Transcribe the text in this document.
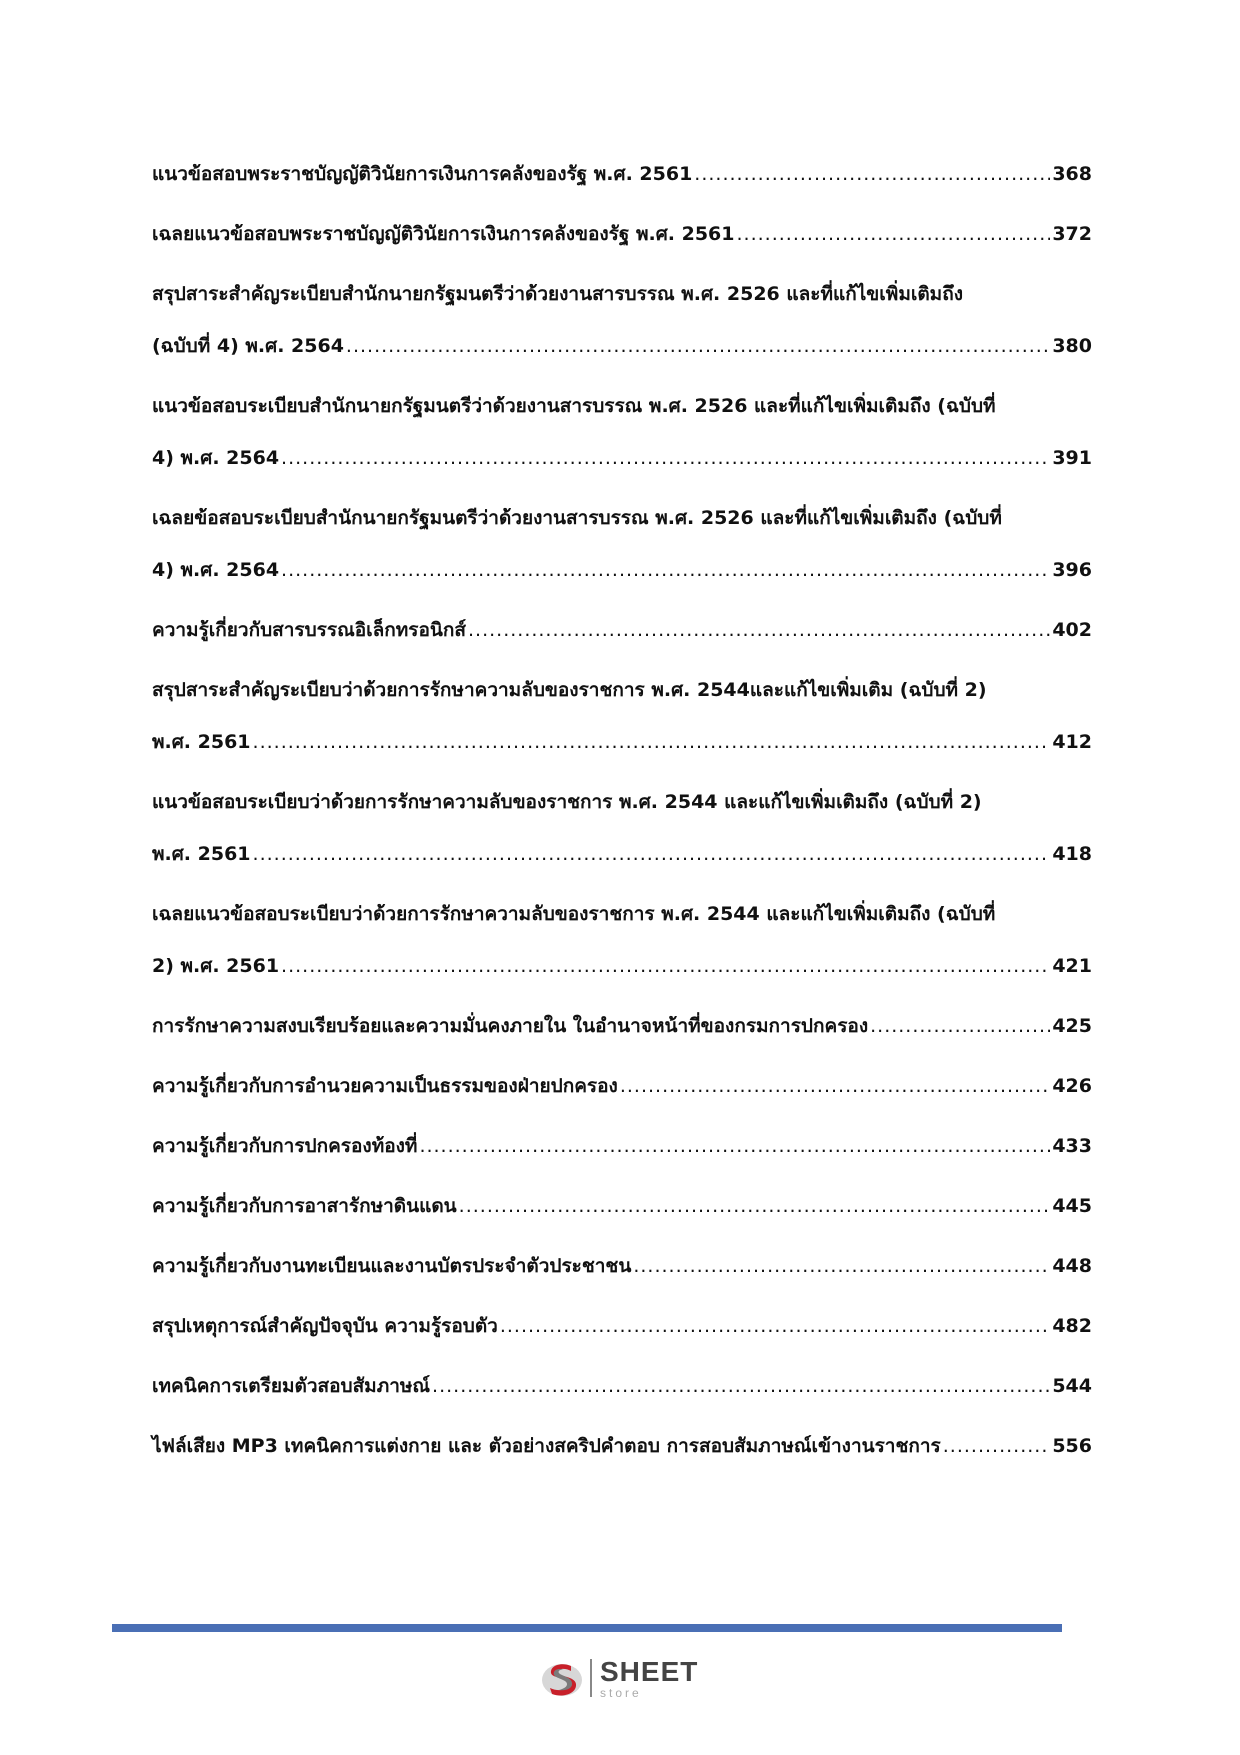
แนวข้อสอบพระราชบัญญัติวินัยการเงินการคลังของรัฐ พ.ศ. 2561 .....	368
เฉลยแนวข้อสอบพระราชบัญญัติวินัยการเงินการคลังของรัฐ พ.ศ. 2561 .....	372
สรุปสาระสำคัญระเบียบสำนักนายกรัฐมนตรีว่าด้วยงานสารบรรณ พ.ศ. 2526 และที่แก้ไขเพิ่มเติมถึง
(ฉบับที่ 4) พ.ศ. 2564 .....	380
แนวข้อสอบระเบียบสำนักนายกรัฐมนตรีว่าด้วยงานสารบรรณ พ.ศ. 2526 และที่แก้ไขเพิ่มเติมถึง (ฉบับที่
4) พ.ศ. 2564 .....	391
เฉลยข้อสอบระเบียบสำนักนายกรัฐมนตรีว่าด้วยงานสารบรรณ พ.ศ. 2526 และที่แก้ไขเพิ่มเติมถึง (ฉบับที่
4) พ.ศ. 2564 .....	396
ความรู้เกี่ยวกับสารบรรณอิเล็กทรอนิกส์ .....	402
สรุปสาระสำคัญระเบียบว่าด้วยการรักษาความลับของราชการ พ.ศ. 2544และแก้ไขเพิ่มเติม (ฉบับที่ 2)
พ.ศ. 2561 .....	412
แนวข้อสอบระเบียบว่าด้วยการรักษาความลับของราชการ พ.ศ. 2544 และแก้ไขเพิ่มเติมถึง (ฉบับที่ 2)
พ.ศ. 2561 .....	418
เฉลยแนวข้อสอบระเบียบว่าด้วยการรักษาความลับของราชการ พ.ศ. 2544 และแก้ไขเพิ่มเติมถึง (ฉบับที่
2) พ.ศ. 2561 .....	421
การรักษาความสงบเรียบร้อยและความมั่นคงภายใน ในอำนาจหน้าที่ของกรมการปกครอง .....	425
ความรู้เกี่ยวกับการอำนวยความเป็นธรรมของฝ่ายปกครอง .....	426
ความรู้เกี่ยวกับการปกครองท้องที่ .....	433
ความรู้เกี่ยวกับการอาสารักษาดินแดน .....	445
ความรู้เกี่ยวกับงานทะเบียนและงานบัตรประจำตัวประชาชน .....	448
สรุปเหตุการณ์สำคัญปัจจุบัน ความรู้รอบตัว .....	482
เทคนิคการเตรียมตัวสอบสัมภาษณ์ .....	544
ไฟล์เสียง MP3 เทคนิคการแต่งกาย และ ตัวอย่างสคริปคำตอบ การสอบสัมภาษณ์เข้างานราชการ .....	556
SHEET
store
